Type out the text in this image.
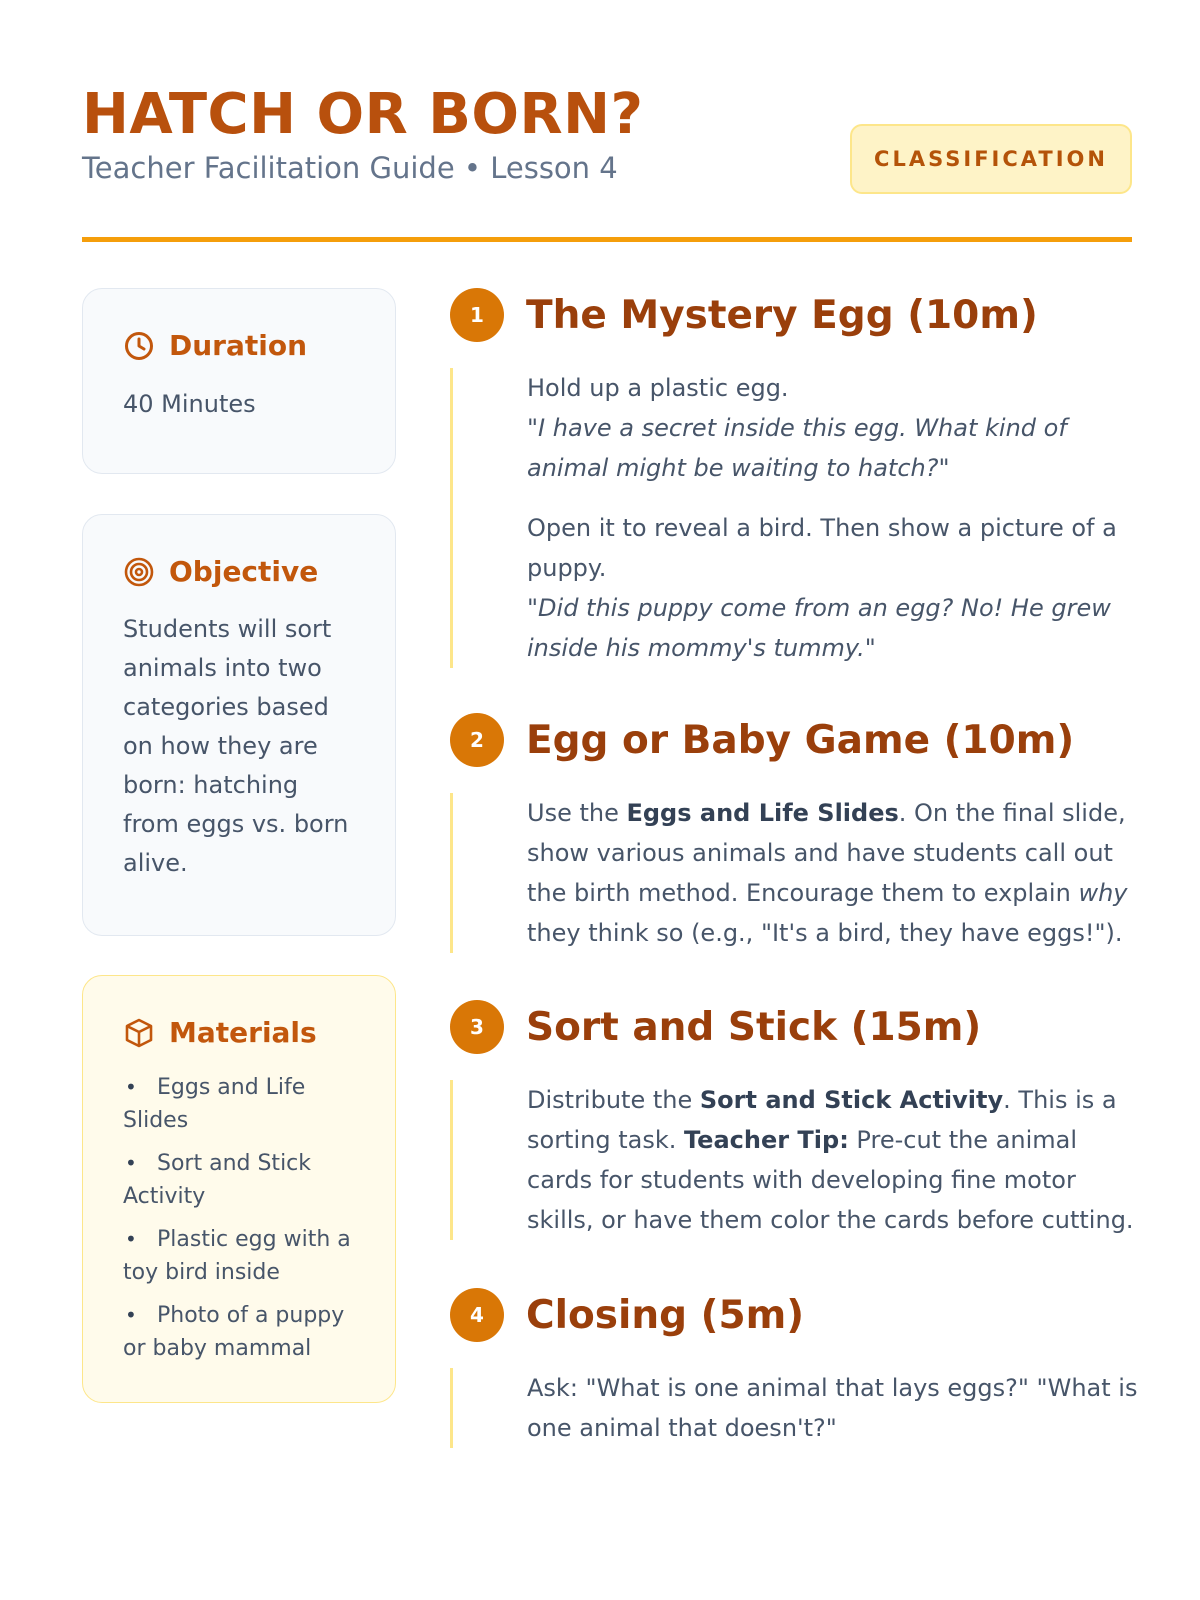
HATCH OR BORN?
Teacher Facilitation Guide • Lesson 4	CLASSIFICATION
Duration
40 Minutes
Objective
Students will sort animals into two categories based on how they are born: hatching from eggs vs. born alive.
Materials
• Eggs and Life Slides
• Sort and Stick Activity
• Plastic egg with a toy bird inside
• Photo of a puppy or baby mammal
1	The Mystery Egg (10m)

Hold up a plastic egg.
"I have a secret inside this egg. What kind of animal might be waiting to hatch?"

Open it to reveal a bird. Then show a picture of a puppy.
"Did this puppy come from an egg? No! He grew inside his mommy's tummy."

2	Egg or Baby Game (10m)

Use the Eggs and Life Slides. On the final slide, show various animals and have students call out the birth method. Encourage them to explain why they think so (e.g., "It's a bird, they have eggs!").

3	Sort and Stick (15m)

Distribute the Sort and Stick Activity. This is a sorting task. Teacher Tip: Pre-cut the animal cards for students with developing fine motor skills, or have them color the cards before cutting.

4	Closing (5m)

Ask: "What is one animal that lays eggs?" "What is one animal that doesn't?"
